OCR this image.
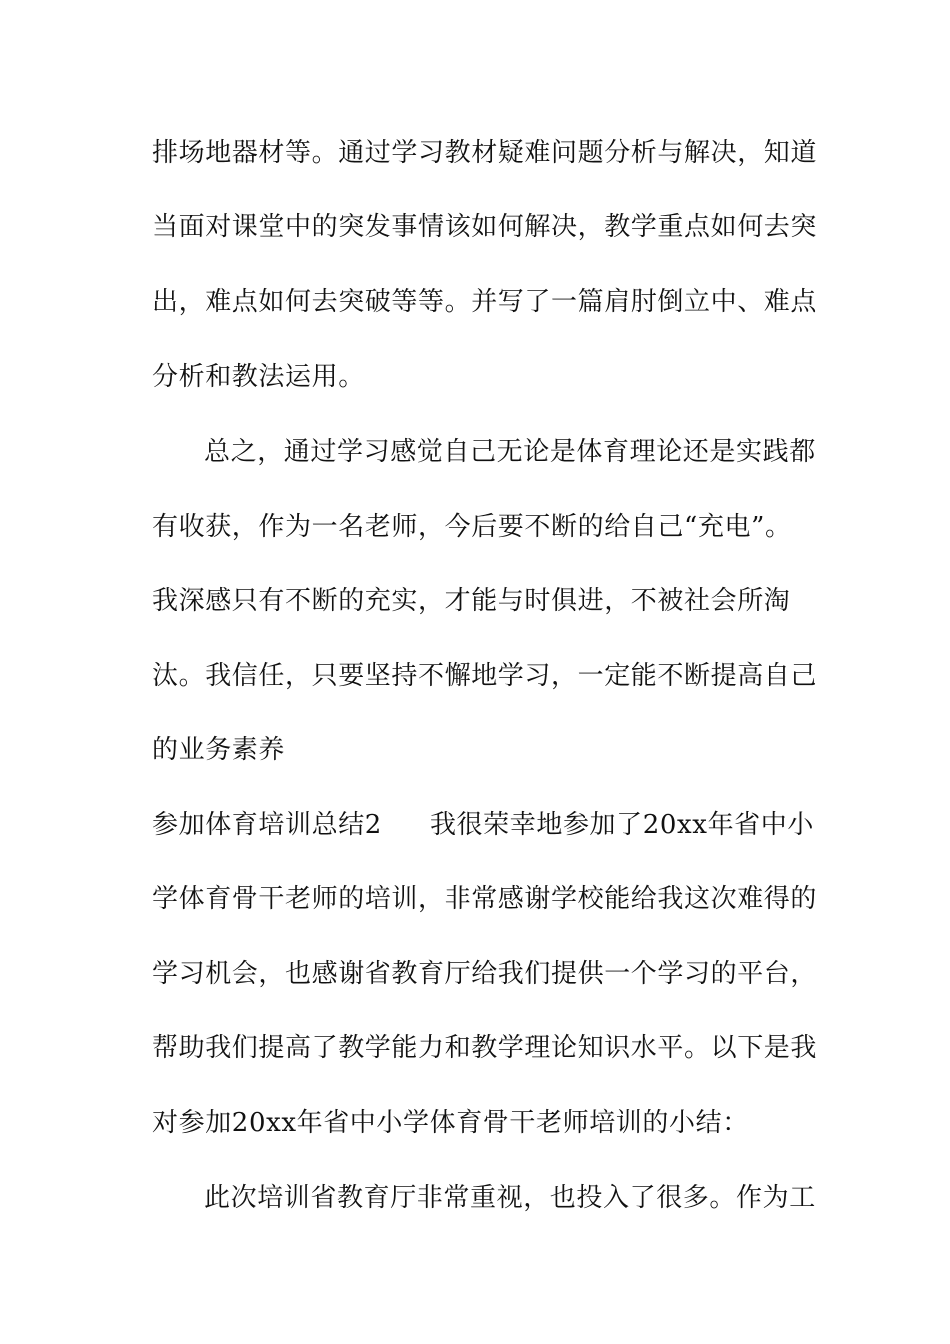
排场地器材等。通过学习教材疑难问题分析与解决，知道
当面对课堂中的突发事情该如何解决，教学重点如何去突
出，难点如何去突破等等。并写了一篇肩肘倒立中、难点
分析和教法运用。
总之，通过学习感觉自己无论是体育理论还是实践都
有收获，作为一名老师，今后要不断的给自己“充电”。
我深感只有不断的充实，才能与时俱进，不被社会所淘
汰。我信任，只要坚持不懈地学习，一定能不断提高自己
的业务素养
参加体育培训总结2 我很荣幸地参加了20xx年省中小
学体育骨干老师的培训，非常感谢学校能给我这次难得的
学习机会，也感谢省教育厅给我们提供一个学习的平台，
帮助我们提高了教学能力和教学理论知识水平。以下是我
对参加20xx年省中小学体育骨干老师培训的小结：
此次培训省教育厅非常重视，也投入了很多。作为工
